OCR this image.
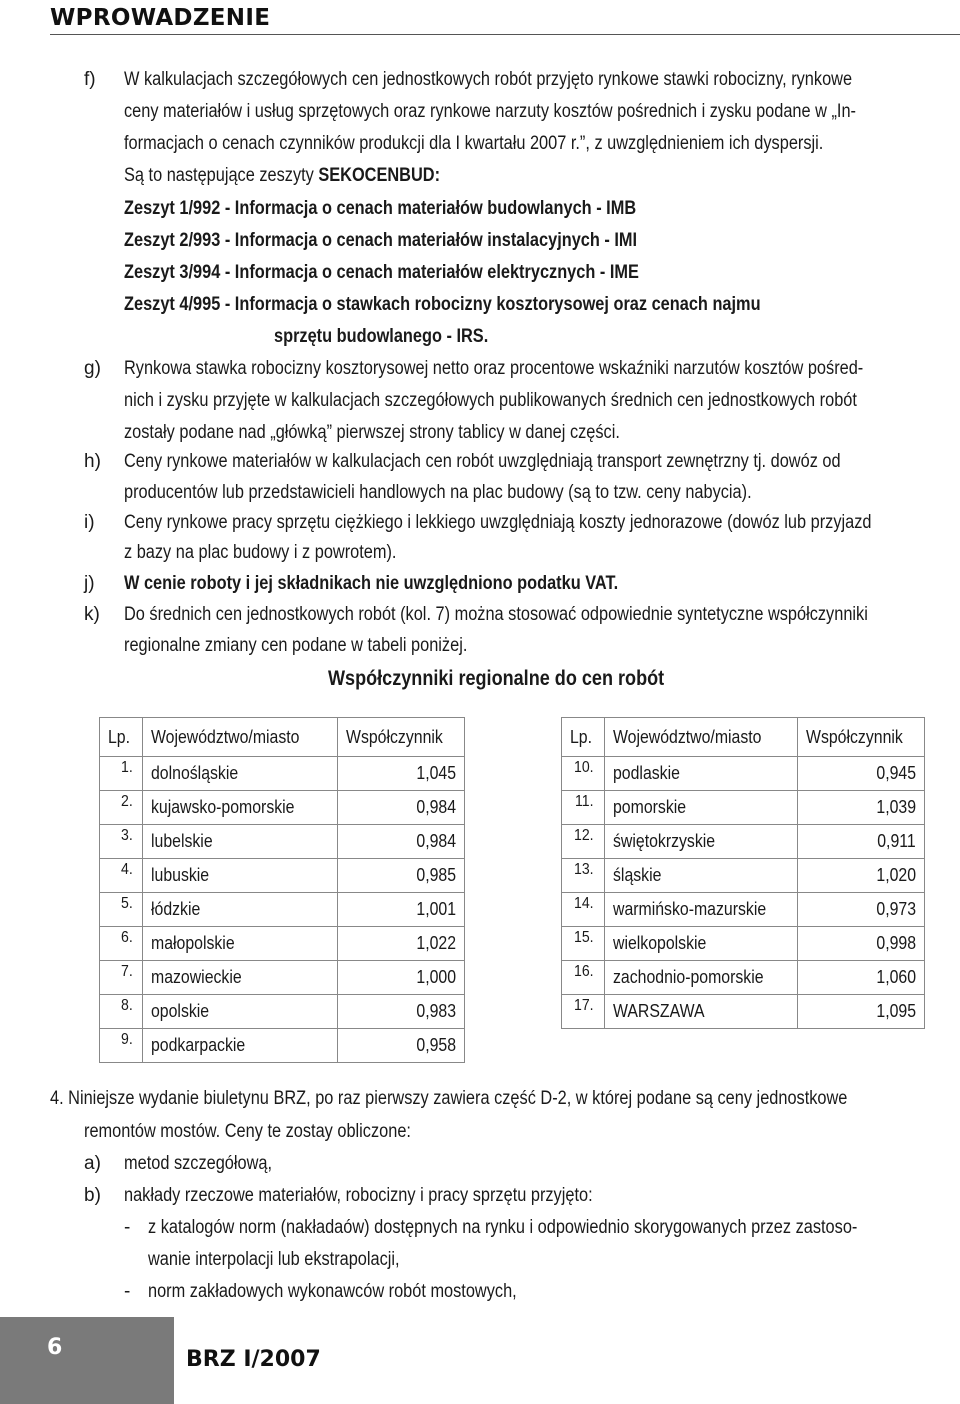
WPROWADZENIE
f) W kalkulacjach szczegółowych cen jednostkowych robót przyjęto rynkowe stawki robocizny, rynkowe
ceny materiałów i usług sprzętowych oraz rynkowe narzuty kosztów pośrednich i zysku podane w „In-
formacjach o cenach czynników produkcji dla I kwartału 2007 r.”, z uwzględnieniem ich dyspersji.
Są to następujące zeszyty SEKOCENBUD:
Zeszyt 1/992 - Informacja o cenach materiałów budowlanych - IMB
Zeszyt 2/993 - Informacja o cenach materiałów instalacyjnych - IMI
Zeszyt 3/994 - Informacja o cenach materiałów elektrycznych - IME
Zeszyt 4/995 - Informacja o stawkach robocizny kosztorysowej oraz cenach najmu
sprzętu budowlanego - IRS.
g) Rynkowa stawka robocizny kosztorysowej netto oraz procentowe wskaźniki narzutów kosztów pośred-
nich i zysku przyjęte w kalkulacjach szczegółowych publikowanych średnich cen jednostkowych robót
zostały podane nad „główką” pierwszej strony tablicy w danej części.
h) Ceny rynkowe materiałów w kalkulacjach cen robót uwzględniają transport zewnętrzny tj. dowóz od
producentów lub przedstawicieli handlowych na plac budowy (są to tzw. ceny nabycia).
i) Ceny rynkowe pracy sprzętu ciężkiego i lekkiego uwzględniają koszty jednorazowe (dowóz lub przyjazd
z bazy na plac budowy i z powrotem).
j) W cenie roboty i jej składnikach nie uwzględniono podatku VAT.
k) Do średnich cen jednostkowych robót (kol. 7) można stosować odpowiednie syntetyczne współczynniki
regionalne zmiany cen podane w tabeli poniżej.
Współczynniki regionalne do cen robót
Lp.	Województwo/miasto	Współczynnik
1.	dolnośląskie	1,045
2.	kujawsko-pomorskie	0,984
3.	lubelskie	0,984
4.	lubuskie	0,985
5.	łódzkie	1,001
6.	małopolskie	1,022
7.	mazowieckie	1,000
8.	opolskie	0,983
9.	podkarpackie	0,958
Lp.	Województwo/miasto	Współczynnik
10.	podlaskie	0,945
11.	pomorskie	1,039
12.	świętokrzyskie	0,911
13.	śląskie	1,020
14.	warmińsko-mazurskie	0,973
15.	wielkopolskie	0,998
16.	zachodnio-pomorskie	1,060
17.	WARSZAWA	1,095
4. Niniejsze wydanie biuletynu BRZ, po raz pierwszy zawiera część D-2, w której podane są ceny jednostkowe
remontów mostów. Ceny te zostay obliczone:
a) metod szczegółową,
b) nakłady rzeczowe materiałów, robocizny i pracy sprzętu przyjęto:
- z katalogów norm (nakładaów) dostępnych na rynku i odpowiednio skorygowanych przez zastoso-
wanie interpolacji lub ekstrapolacji,
- norm zakładowych wykonawców robót mostowych,
6	BRZ I/2007
